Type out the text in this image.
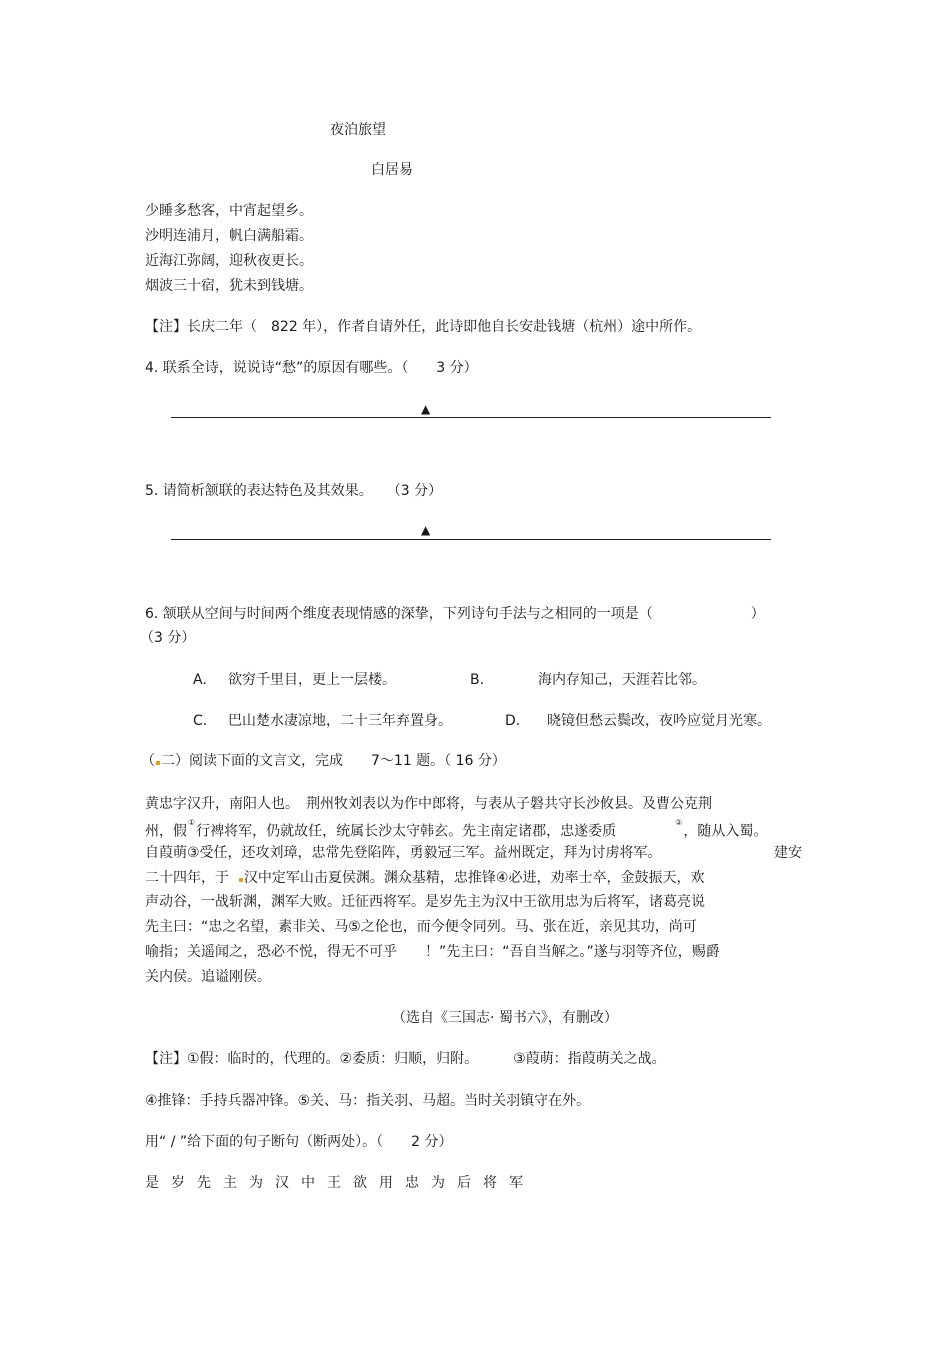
夜泊旅望
白居易
少睡多愁客，中宵起望乡。
沙明连浦月，帆白满船霜。
近海江弥阔，迎秋夜更长。
烟波三十宿，犹未到钱塘。
【注】长庆二年（　822 年），作者自请外任，此诗即他自长安赴钱塘（杭州）途中所作。
4. 联系全诗，说说诗“愁”的原因有哪些。（　　3 分）
▲
5. 请简析颔联的表达特色及其效果。　　（3 分）
▲
6. 颔联从空间与时间两个维度表现情感的深挚，下列诗句手法与之相同的一项是（　　　　　　　）
（3 分）
A. 欲穷千里目，更上一层楼。	B.	海内存知己，天涯若比邻。
C. 巴山楚水凄凉地，二十三年弃置身。	D. 晓镜但愁云鬓改，夜吟应觉月光寒。
（ 二）阅读下面的文言文，完成　　7～11 题。（ 16 分）
黄忠字汉升，南阳人也。　荆州牧刘表以为作中郎将，与表从子磐共守长沙攸县。及曹公克荆
州，假①行裨将军，仍就故任，统属长沙太守韩玄。先主南定诸郡，忠遂委质②，随从入蜀。
自葭萌③受任，还攻刘璋，忠常先登陷阵，勇毅冠三军。益州既定，拜为讨虏将军。	建安
二十四年，于 汉中定军山击夏侯渊。渊众基精，忠推锋④必进，劝率士卒，金鼓振天，欢
声动谷，一战斩渊，渊军大败。迁征西将军。是岁先主为汉中王欲用忠为后将军，诸葛亮说
先主曰：“忠之名望，素非关、马⑤之伦也，而今便令同列。马、张在近，亲见其功，尚可
喻指；关遥闻之，恐必不悦，得无不可乎　　！”先主曰：“吾自当解之。”遂与羽等齐位，赐爵
关内侯。追谥刚侯。
（选自《三国志· 蜀书六》，有删改）
【注】①假：临时的，代理的。②委质：归顺，归附。　　　③葭萌：指葭萌关之战。
④推锋：手持兵器冲锋。⑤关、马：指关羽、马超。当时关羽镇守在外。
用“ / ”给下面的句子断句（断两处）。（　　2 分）
是岁先主为汉中王欲用忠为后将军
